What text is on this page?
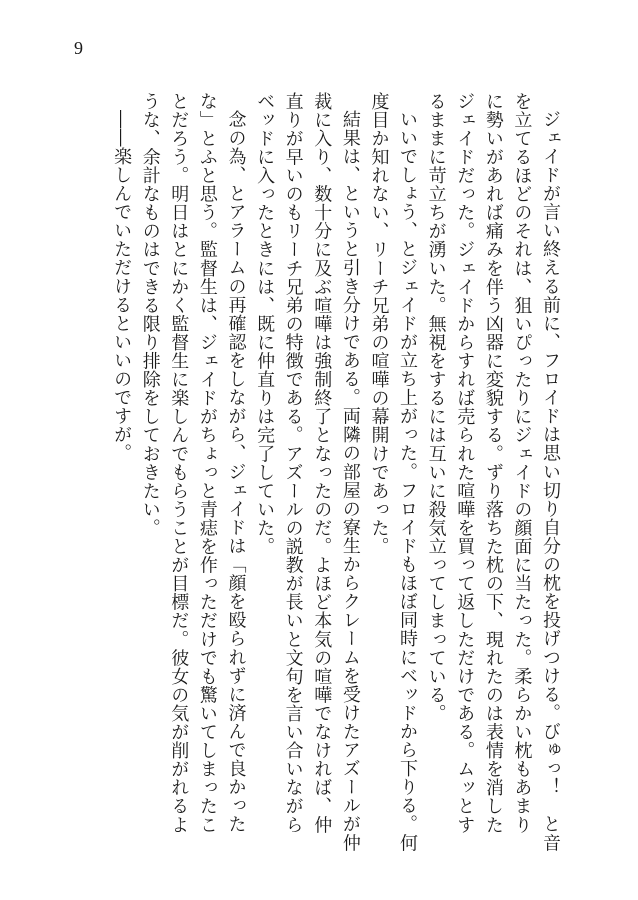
9

ジェイドが言い終える前に、フロイドは思い切り自分の枕を投げつける。びゅっ！　と音を立てるほどのそれは、狙いぴったりにジェイドの顔面に当たった。柔らかい枕もあまりに勢いがあれば痛みを伴う凶器に変貌する。ずり落ちた枕の下、現れたのは表情を消したジェイドだった。ジェイドからすれば売られた喧嘩を買って返しただけである。ムッとするままに苛立ちが湧いた。無視をするには互いに殺気立ってしまっている。

いいでしょう、とジェイドが立ち上がった。フロイドもほぼ同時にベッドから下りる。何度目か知れない、リーチ兄弟の喧嘩の幕開けであった。

結果は、というと引き分けである。両隣の部屋の寮生からクレームを受けたアズールが仲裁に入り、数十分に及ぶ喧嘩は強制終了となったのだ。よほど本気の喧嘩でなければ、仲直りが早いのもリーチ兄弟の特徴である。アズールの説教が長いと文句を言い合いながらベッドに入ったときには、既に仲直りは完了していた。

念の為、とアラームの再確認をしながら、ジェイドは「顔を殴られずに済んで良かったな」とふと思う。監督生は、ジェイドがちょっと青痣を作っただけでも驚いてしまったことだろう。明日はとにかく監督生に楽しんでもらうことが目標だ。彼女の気が削がれるような、余計なものはできる限り排除をしておきたい。

――楽しんでいただけるといいのですが。
